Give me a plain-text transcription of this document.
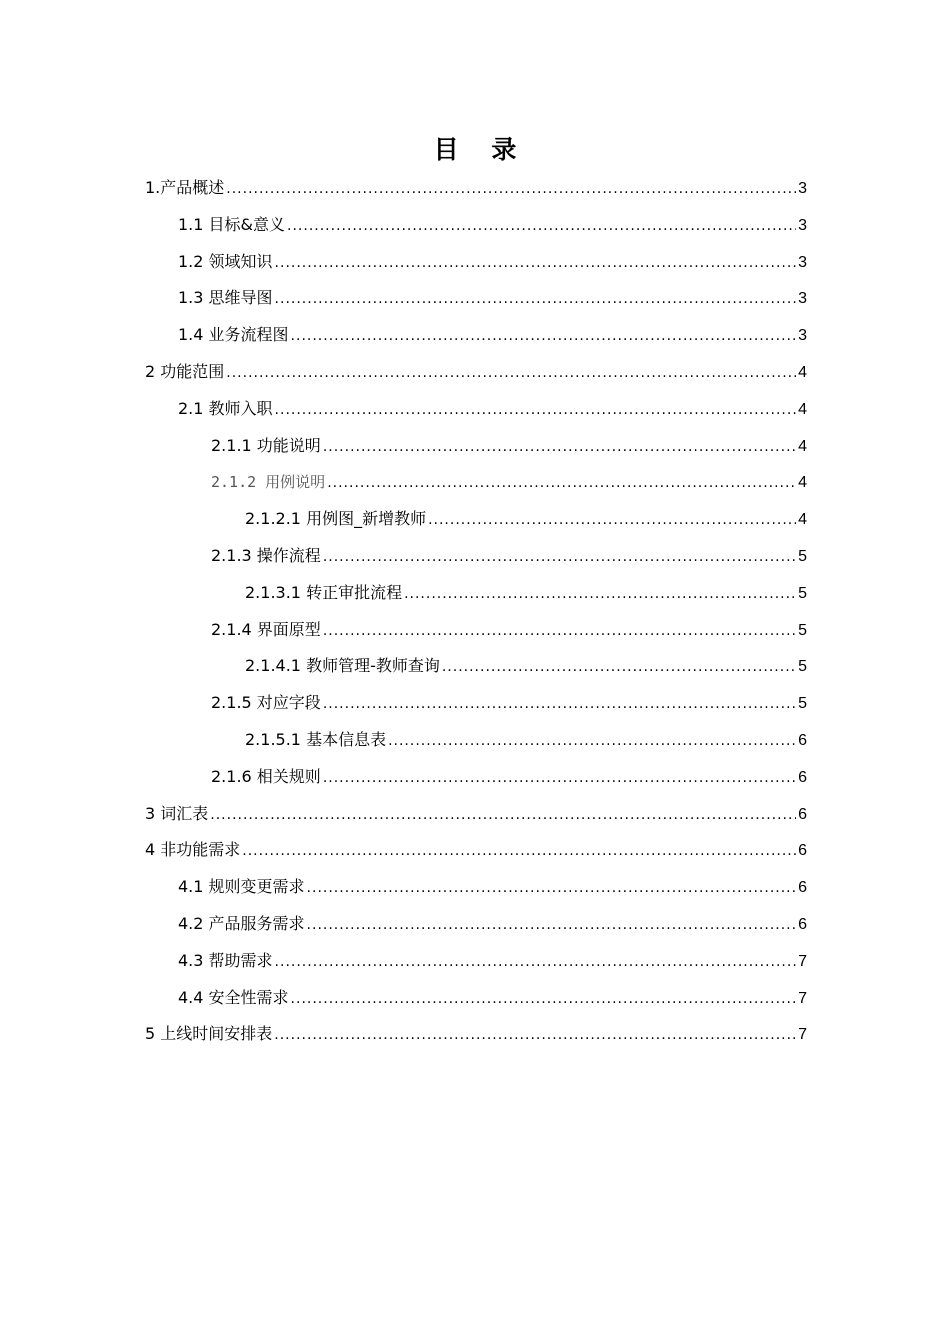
目 录
1.产品概述 .....	3
1.1 目标&意义 .....	3
1.2 领域知识 .....	3
1.3 思维导图 .....	3
1.4 业务流程图 .....	3
2 功能范围 .....	4
2.1 教师入职 .....	4
2.1.1 功能说明 .....	4
2.1.2 用例说明 .....	4
2.1.2.1 用例图_新增教师 .....	4
2.1.3 操作流程 .....	5
2.1.3.1 转正审批流程 .....	5
2.1.4 界面原型 .....	5
2.1.4.1 教师管理-教师查询 .....	5
2.1.5 对应字段 .....	5
2.1.5.1 基本信息表 .....	6
2.1.6 相关规则 .....	6
3 词汇表 .....	6
4 非功能需求 .....	6
4.1 规则变更需求 .....	6
4.2 产品服务需求 .....	6
4.3 帮助需求 .....	7
4.4 安全性需求 .....	7
5 上线时间安排表 .....	7
